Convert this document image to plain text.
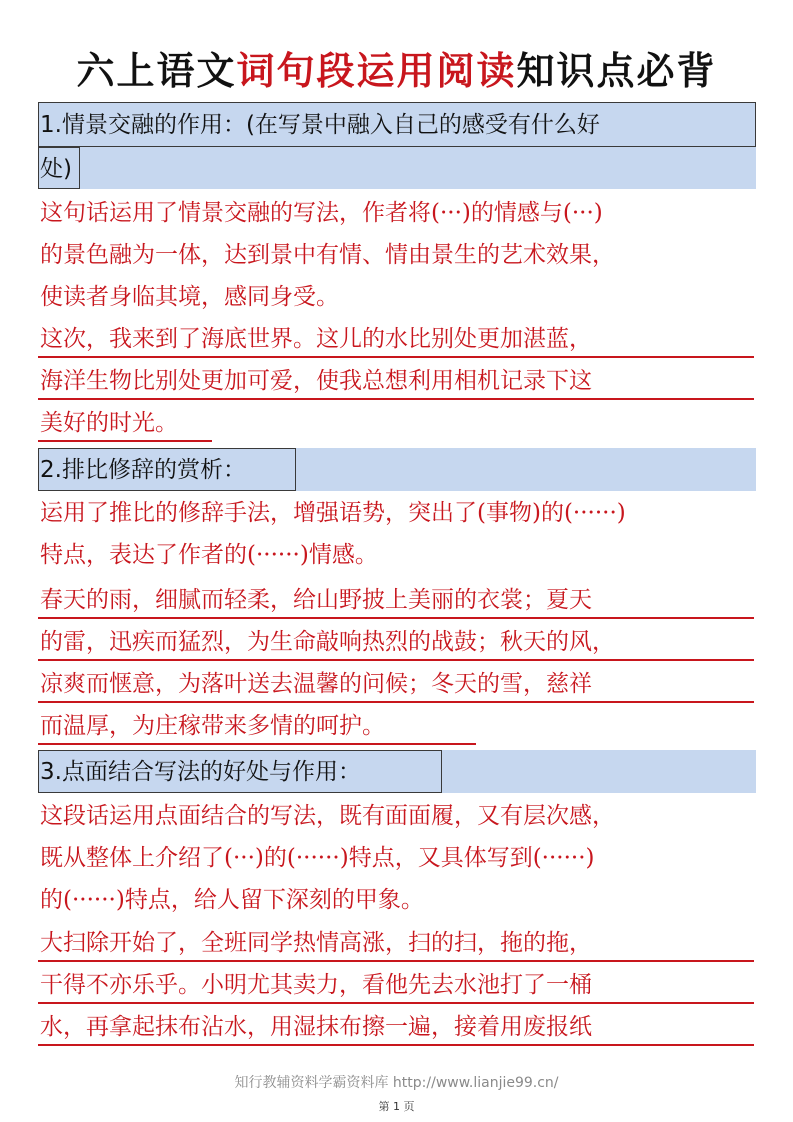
六上语文词句段运用阅读知识点必背
1.情景交融的作用：(在写景中融入自己的感受有什么好
处)
这句话运用了情景交融的写法，作者将(···)的情感与(···)
的景色融为一体，达到景中有情、情由景生的艺术效果，
使读者身临其境，感同身受。
这次，我来到了海底世界。这儿的水比别处更加湛蓝，
海洋生物比别处更加可爱，使我总想利用相机记录下这
美好的时光。
2.排比修辞的赏析：
运用了推比的修辞手法，增强语势，突出了(事物)的(······)
特点，表达了作者的(······)情感。
春天的雨，细腻而轻柔，给山野披上美丽的衣裳；夏天
的雷，迅疾而猛烈，为生命敲响热烈的战鼓；秋天的风，
凉爽而惬意，为落叶送去温馨的问候；冬天的雪，慈祥
而温厚，为庄稼带来多情的呵护。
3.点面结合写法的好处与作用：
这段话运用点面结合的写法，既有面面履，又有层次感，
既从整体上介绍了(···)的(······)特点，又具体写到(······)
的(······)特点，给人留下深刻的甲象。
大扫除开始了，全班同学热情高涨，扫的扫，拖的拖，
干得不亦乐乎。小明尤其卖力，看他先去水池打了一桶
水，再拿起抹布沾水，用湿抹布擦一遍，接着用废报纸
知行教辅资料学霸资料库 http://www.lianjie99.cn/
第 1 页
